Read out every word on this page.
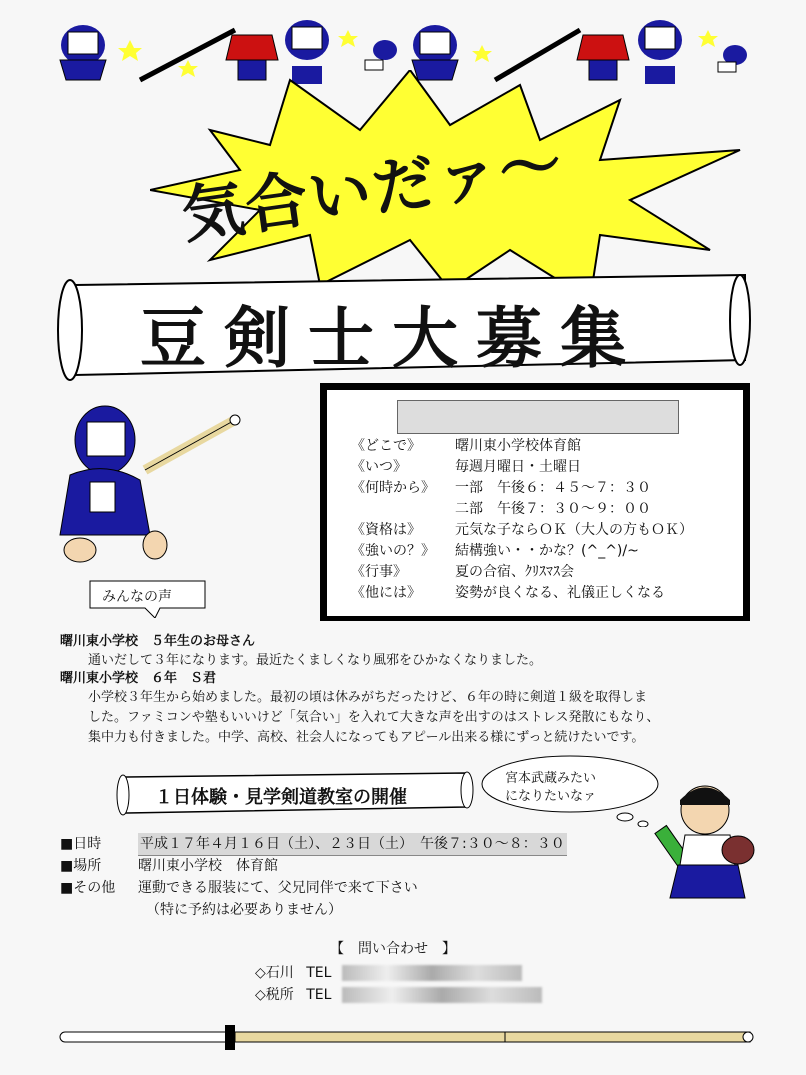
気合いだァ〜
豆剣士大募集
みんなの声
《どこで》 曙川東小学校体育館
《いつ》	毎週月曜日・土曜日
《何時から》 一部　午後６：４５〜７：３０
二部　午後７：３０〜９：００
《資格は》 元気な子ならＯＫ（大人の方もＯＫ）
《強いの？》 結構強い・・かな？(^_^)/~
《行事》	夏の合宿、ｸﾘｽﾏｽ会
《他には》 姿勢が良くなる、礼儀正しくなる
曙川東小学校　５年生のお母さん
通いだして３年になります。最近たくましくなり風邪をひかなくなりました。
曙川東小学校　６年　Ｓ君
小学校３年生から始めました。最初の頃は休みがちだったけど、６年の時に剣道１級を取得しま
した。ファミコンや塾もいいけど「気合い」を入れて大きな声を出すのはストレス発散にもなり、
集中力も付きました。中学、高校、社会人になってもアピール出来る様にずっと続けたいです。
１日体験・見学剣道教室の開催
宮本武蔵みたい
になりたいなァ
■日時	平成１７年４月１６日（土）、２３日（土）　午後７:３０〜８：３０
■場所	曙川東小学校　体育館
■その他 運動できる服装にて、父兄同伴で来て下さい
（特に予約は必要ありません）
【　問い合わせ　】
◇石川 TEL
◇税所 TEL
